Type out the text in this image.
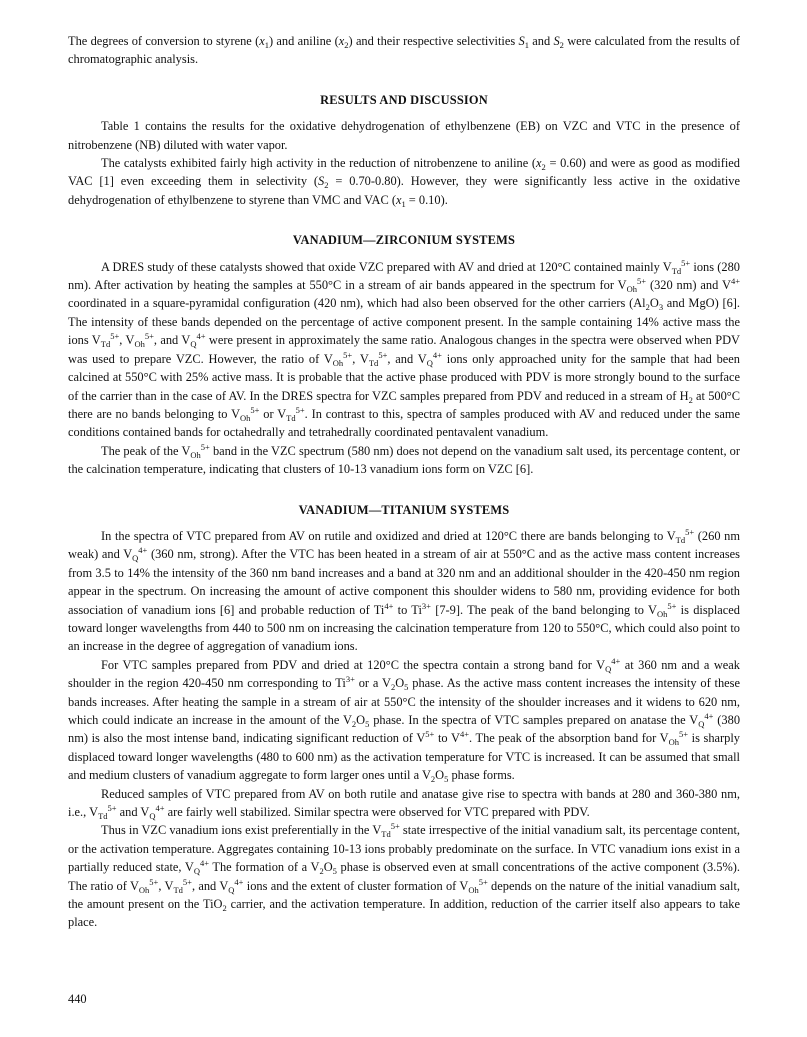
The degrees of conversion to styrene $(x_1)$ and aniline $(x_2)$ and their respective selectivities $S_1$ and $S_2$ were calculated from the results of chromatographic analysis.

RESULTS AND DISCUSSION

Table 1 contains the results for the oxidative dehydrogenation of ethylbenzene (EB) on VZC and VTC in the presence of nitrobenzene (NB) diluted with water vapor.

The catalysts exhibited fairly high activity in the reduction of nitrobenzene to aniline $(x_2 = 0.60)$ and were as good as modified VAC [1] even exceeding them in selectivity $(S_2 = 0.70-0.80)$. However, they were significantly less active in the oxidative dehydrogenation of ethylbenzene to styrene than VMC and VAC $(x_1 = 0.10)$.

VANADIUM—ZIRCONIUM SYSTEMS

A DRES study of these catalysts showed that oxide VZC prepared with AV and dried at 120°C contained mainly $V_{Td}^{5+}$ ions (280 nm). After activation by heating the samples at 550°C in a stream of air bands appeared in the spectrum for $V_{Oh}^{5+}$ (320 nm) and $V^{4+}$ coordinated in a square-pyramidal configuration (420 nm), which had also been observed for the other carriers ($Al_2O_3$ and MgO) [6]. The intensity of these bands depended on the percentage of active component present. In the sample containing 14% active mass the ions $V_{Td}^{5+}$, $V_{Oh}^{5+}$, and $V_Q^{4+}$ were present in approximately the same ratio. Analogous changes in the spectra were observed when PDV was used to prepare VZC. However, the ratio of $V_{Oh}^{5+}$, $V_{Td}^{5+}$, and $V_Q^{4+}$ ions only approached unity for the sample that had been calcined at 550°C with 25% active mass. It is probable that the active phase produced with PDV is more strongly bound to the surface of the carrier than in the case of AV. In the DRES spectra for VZC samples prepared from PDV and reduced in a stream of $H_2$ at 500°C there are no bands belonging to $V_{Oh}^{5+}$ or $V_{Td}^{5+}$. In contrast to this, spectra of samples produced with AV and reduced under the same conditions contained bands for octahedrally and tetrahedrally coordinated pentavalent vanadium.

The peak of the $V_{Oh}^{5+}$ band in the VZC spectrum (580 nm) does not depend on the vanadium salt used, its percentage content, or the calcination temperature, indicating that clusters of 10-13 vanadium ions form on VZC [6].

VANADIUM—TITANIUM SYSTEMS

In the spectra of VTC prepared from AV on rutile and oxidized and dried at 120°C there are bands belonging to $V_{Td}^{5+}$ (260 nm weak) and $V_Q^{4+}$ (360 nm, strong). After the VTC has been heated in a stream of air at 550°C and as the active mass content increases from 3.5 to 14% the intensity of the 360 nm band increases and a band at 320 nm and an additional shoulder in the 420-450 nm region appear in the spectrum. On increasing the amount of active component this shoulder widens to 580 nm, providing evidence for both association of vanadium ions [6] and probable reduction of $Ti^{4+}$ to $Ti^{3+}$ [7-9]. The peak of the band belonging to $V_{Oh}^{5+}$ is displaced toward longer wavelengths from 440 to 500 nm on increasing the calcination temperature from 120 to 550°C, which could also point to an increase in the degree of aggregation of vanadium ions.

For VTC samples prepared from PDV and dried at 120°C the spectra contain a strong band for $V_Q^{4+}$ at 360 nm and a weak shoulder in the region 420-450 nm corresponding to $Ti^{3+}$ or a $V_2O_5$ phase. As the active mass content increases the intensity of these bands increases. After heating the sample in a stream of air at 550°C the intensity of the shoulder increases and it widens to 620 nm, which could indicate an increase in the amount of the $V_2O_5$ phase. In the spectra of VTC samples prepared on anatase the $V_Q^{4+}$ (380 nm) is also the most intense band, indicating significant reduction of $V^{5+}$ to $V^{4+}$. The peak of the absorption band for $V_{Oh}^{5+}$ is sharply displaced toward longer wavelengths (480 to 600 nm) as the activation temperature for VTC is increased. It can be assumed that small and medium clusters of vanadium aggregate to form larger ones until a $V_2O_5$ phase forms.

Reduced samples of VTC prepared from AV on both rutile and anatase give rise to spectra with bands at 280 and 360-380 nm, i.e., $V_{Td}^{5+}$ and $V_Q^{4+}$ are fairly well stabilized. Similar spectra were observed for VTC prepared with PDV.

Thus in VZC vanadium ions exist preferentially in the $V_{Td}^{5+}$ state irrespective of the initial vanadium salt, its percentage content, or the activation temperature. Aggregates containing 10-13 ions probably predominate on the surface. In VTC vanadium ions exist in a partially reduced state, $V_Q^{4+}$ The formation of a $V_2O_5$ phase is observed even at small concentrations of the active component (3.5%). The ratio of $V_{Oh}^{5+}$, $V_{Td}^{5+}$, and $V_Q^{4+}$ ions and the extent of cluster formation of $V_{Oh}^{5+}$ depends on the nature of the initial vanadium salt, the amount present on the TiO$_2$ carrier, and the activation temperature. In addition, reduction of the carrier itself also appears to take place.

440
